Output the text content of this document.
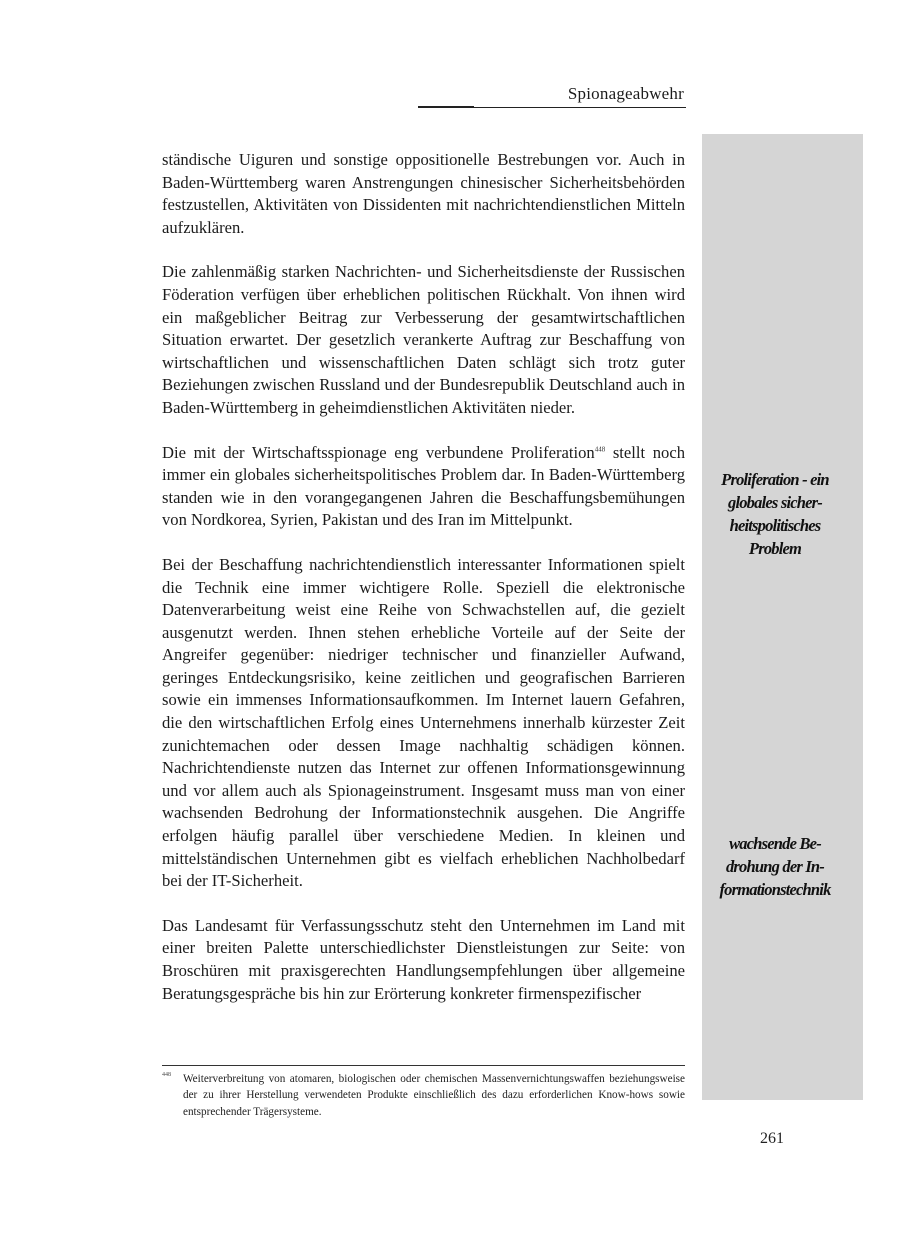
Spionageabwehr
Proliferation - ein
globales sicher-
heitspolitisches
Problem
wachsende Be-
drohung der In-
formationstechnik

ständische Uiguren und sonstige oppositionelle Bestrebungen vor. Auch in Baden-Württemberg waren Anstrengungen chinesischer Sicherheitsbehörden festzustellen, Aktivitäten von Dissidenten mit nachrichtendienstlichen Mitteln aufzuklären.

Die zahlenmäßig starken Nachrichten- und Sicherheitsdienste der Russischen Föderation verfügen über erheblichen politischen Rückhalt. Von ihnen wird ein maßgeblicher Beitrag zur Verbesserung der gesamtwirtschaftlichen Situation erwartet. Der gesetzlich verankerte Auftrag zur Beschaffung von wirtschaftlichen und wissenschaftlichen Daten schlägt sich trotz guter Beziehungen zwischen Russland und der Bundesrepublik Deutschland auch in Baden-Württemberg in geheimdienstlichen Aktivitäten nieder.

Die mit der Wirtschaftsspionage eng verbundene Proliferation$^{448}$ stellt noch immer ein globales sicherheitspolitisches Problem dar. In Baden-Württemberg standen wie in den vorangegangenen Jahren die Beschaffungsbemühungen von Nordkorea, Syrien, Pakistan und des Iran im Mittelpunkt.

Bei der Beschaffung nachrichtendienstlich interessanter Informationen spielt die Technik eine immer wichtigere Rolle. Speziell die elektronische Datenverarbeitung weist eine Reihe von Schwachstellen auf, die gezielt ausgenutzt werden. Ihnen stehen erhebliche Vorteile auf der Seite der Angreifer gegenüber: niedriger technischer und finanzieller Aufwand, geringes Entdeckungsrisiko, keine zeitlichen und geografischen Barrieren sowie ein immenses Informationsaufkommen. Im Internet lauern Gefahren, die den wirtschaftlichen Erfolg eines Unternehmens innerhalb kürzester Zeit zunichtemachen oder dessen Image nachhaltig schädigen können. Nachrichtendienste nutzen das Internet zur offenen Informationsgewinnung und vor allem auch als Spionageinstrument. Insgesamt muss man von einer wachsenden Bedrohung der Informationstechnik ausgehen. Die Angriffe erfolgen häufig parallel über verschiedene Medien. In kleinen und mittelständischen Unternehmen gibt es vielfach erheblichen Nachholbedarf bei der IT-Sicherheit.

Das Landesamt für Verfassungsschutz steht den Unternehmen im Land mit einer breiten Palette unterschiedlichster Dienstleistungen zur Seite: von Broschüren mit praxisgerechten Handlungsempfehlungen über allgemeine Beratungsgespräche bis hin zur Erörterung konkreter firmenspezifischer

448 Weiterverbreitung von atomaren, biologischen oder chemischen Massenvernichtungswaffen beziehungsweise der zu ihrer Herstellung verwendeten Produkte einschließlich des dazu erforderlichen Know-hows sowie entsprechender Trägersysteme.

261
